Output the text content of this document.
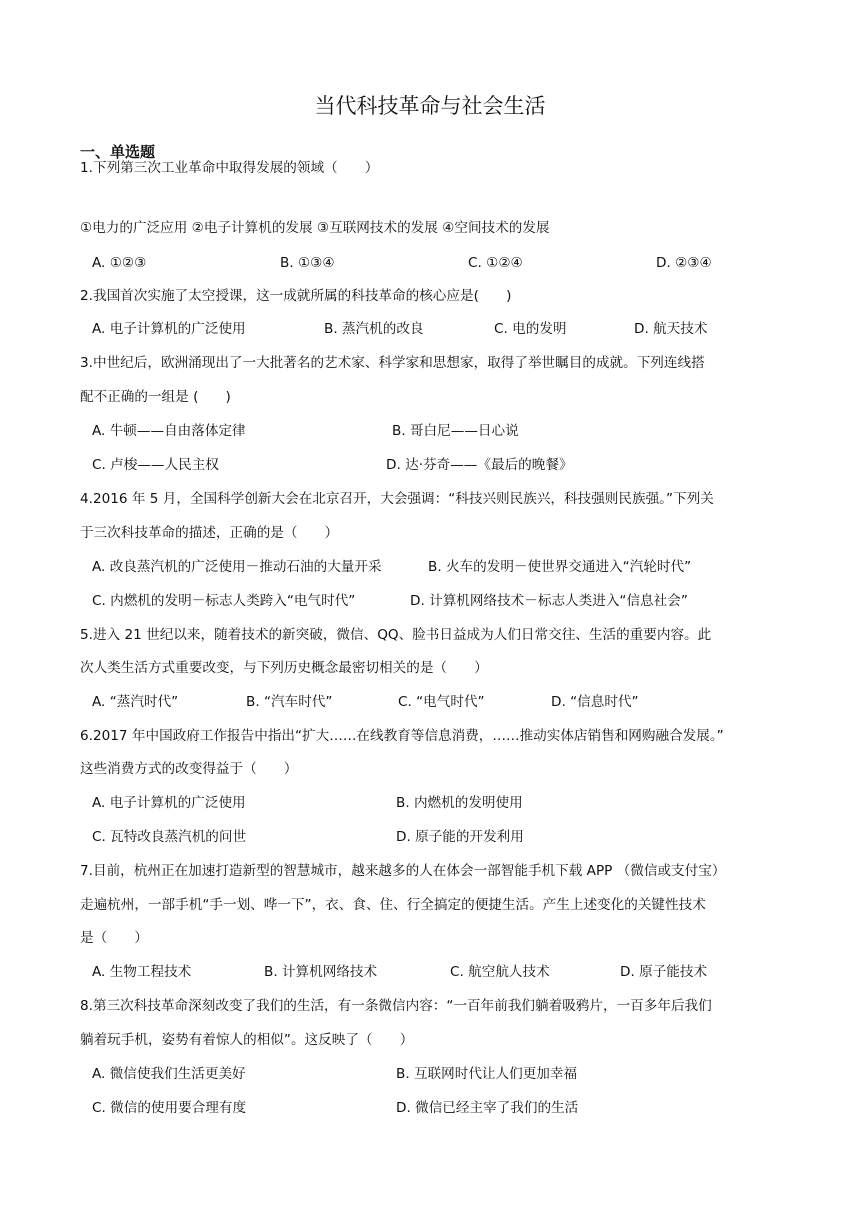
当代科技革命与社会生活
一、单选题
1.下列第三次工业革命中取得发展的领域（　　）
①电力的广泛应用 ②电子计算机的发展 ③互联网技术的发展 ④空间技术的发展
A. ①②③	B. ①③④	C. ①②④	D. ②③④
2.我国首次实施了太空授课，这一成就所属的科技革命的核心应是(　　)
A. 电子计算机的广泛使用	B. 蒸汽机的改良	C. 电的发明	D. 航天技术
3.中世纪后，欧洲涌现出了一大批著名的艺术家、科学家和思想家，取得了举世瞩目的成就。下列连线搭
配不正确的一组是 (　　)
A. 牛顿——自由落体定律	B. 哥白尼——日心说
C. 卢梭——人民主权	D. 达·芬奇——《最后的晚餐》
4.2016 年 5 月，全国科学创新大会在北京召开，大会强调：“科技兴则民族兴，科技强则民族强。”下列关
于三次科技革命的描述，正确的是（　　）
A. 改良蒸汽机的广泛使用－推动石油的大量开采	B. 火车的发明－使世界交通进入“汽轮时代”
C. 内燃机的发明－标志人类跨入“电气时代”	D. 计算机网络技术－标志人类进入“信息社会”
5.进入 21 世纪以来，随着技术的新突破，微信、QQ、脸书日益成为人们日常交往、生活的重要内容。此
次人类生活方式重要改变，与下列历史概念最密切相关的是（　　）
A. “蒸汽时代”	B. “汽车时代”	C. “电气时代”	D. “信息时代”
6.2017 年中国政府工作报告中指出“扩大……在线教育等信息消费，……推动实体店销售和网购融合发展。”
这些消费方式的改变得益于（　　）
A. 电子计算机的广泛使用	B. 内燃机的发明使用
C. 瓦特改良蒸汽机的问世	D. 原子能的开发利用
7.目前，杭州正在加速打造新型的智慧城市，越来越多的人在体会一部智能手机下载 APP （微信或支付宝）
走遍杭州，一部手机“手一划、哗一下”，衣、食、住、行全搞定的便捷生活。产生上述变化的关键性技术
是（　　）
A. 生物工程技术	B. 计算机网络技术	C. 航空航人技术	D. 原子能技术
8.第三次科技革命深刻改变了我们的生活，有一条微信内容：“一百年前我们躺着吸鸦片，一百多年后我们
躺着玩手机，姿势有着惊人的相似”。这反映了（　　）
A. 微信使我们生活更美好	B. 互联网时代让人们更加幸福
C. 微信的使用要合理有度	D. 微信已经主宰了我们的生活
